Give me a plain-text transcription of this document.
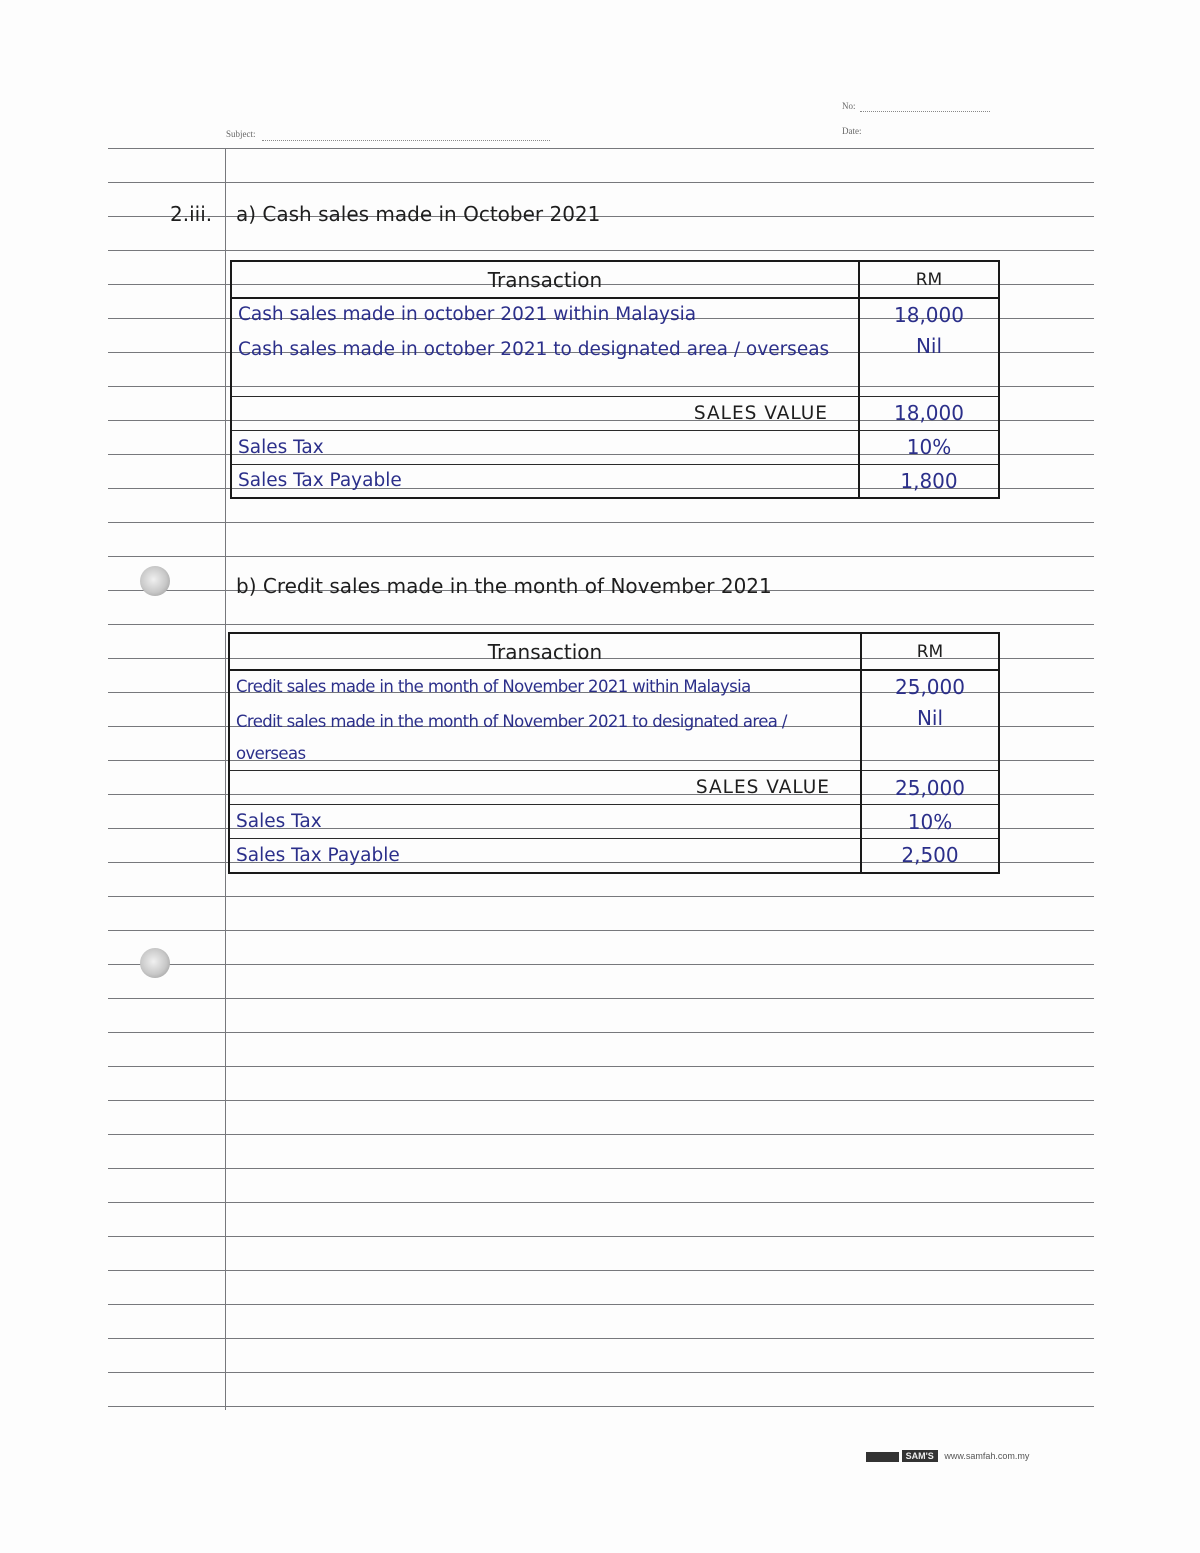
Subject:
No:
Date:
2.iii. a) Cash sales made in October 2021
Transaction	RM
Cash sales made in october 2021 within Malaysia	18,000
Cash sales made in october 2021 to designated area / overseas	Nil
SALES VALUE	18,000
Sales Tax	10%
Sales Tax Payable	1,800
b) Credit sales made in the month of November 2021
Transaction	RM
Credit sales made in the month of November 2021 within Malaysia	25,000
Credit sales made in the month of November 2021 to designated area / overseas	Nil
SALES VALUE	25,000
Sales Tax	10%
Sales Tax Payable	2,500
SAM'S www.samfah.com.my
